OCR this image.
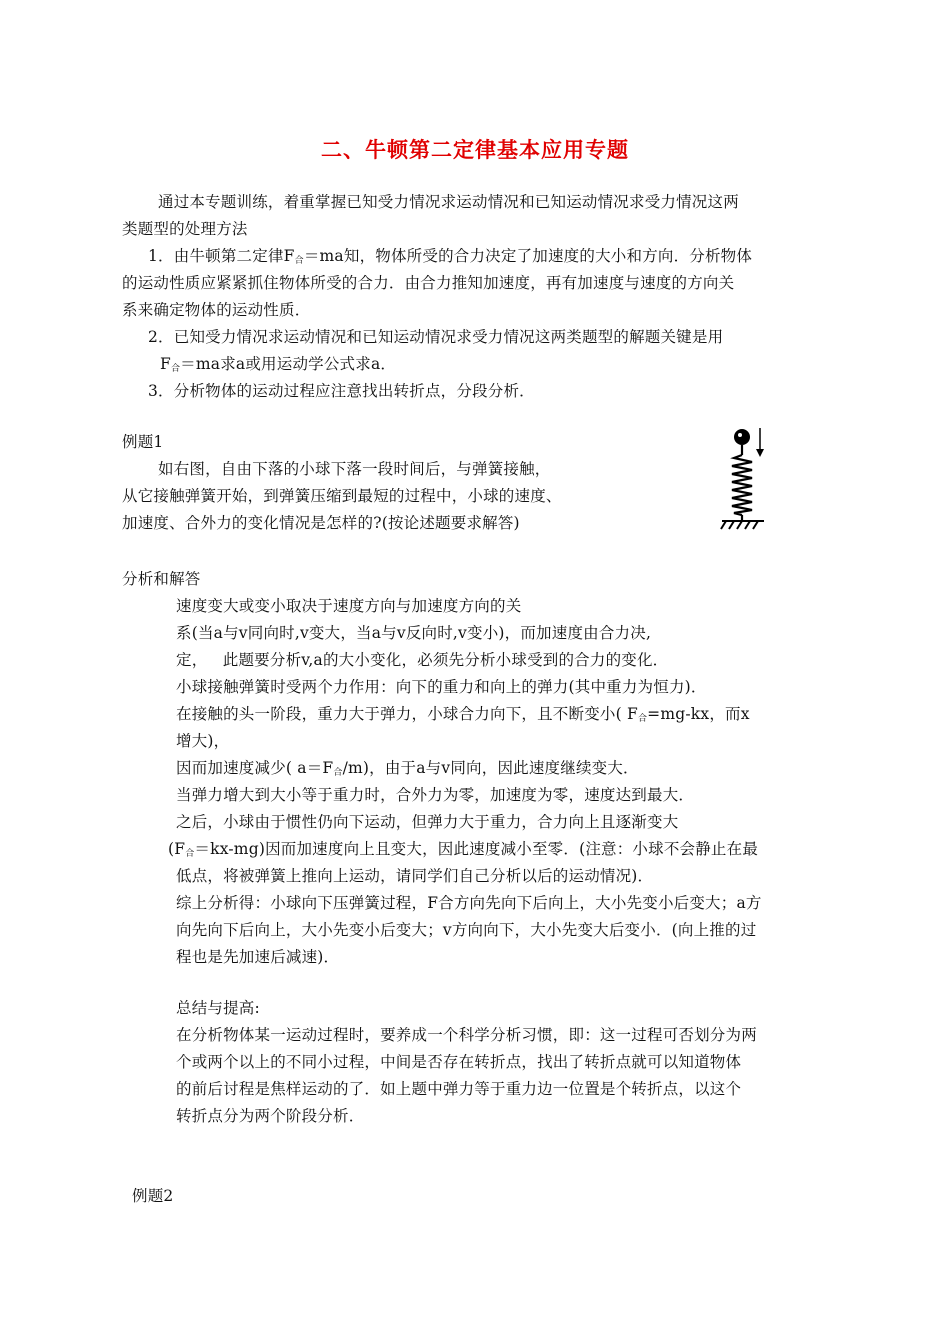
二、牛顿第二定律基本应用专题
通过本专题训练，着重掌握已知受力情况求运动情况和已知运动情况求受力情况这两
类题型的处理方法
1．由牛顿第二定律$F_合=ma$知，物体所受的合力决定了加速度的大小和方向．分析物体
的运动性质应紧紧抓住物体所受的合力．由合力推知加速度，再有加速度与速度的方向关
系来确定物体的运动性质．
2．已知受力情况求运动情况和已知运动情况求受力情况这两类题型的解题关键是用
$F_合=ma$求a或用运动学公式求a．
3．分析物体的运动过程应注意找出转折点，分段分析．
例题1
如右图，自由下落的小球下落一段时间后，与弹簧接触，
从它接触弹簧开始，到弹簧压缩到最短的过程中，小球的速度、
加速度、合外力的变化情况是怎样的?(按论述题要求解答)
分析和解答
速度变大或变小取决于速度方向与加速度方向的关
系(当a与v同向时,v变大，当a与v反向时,v变小)，而加速度由合力决,
定，   此题要分析v,a的大小变化，必须先分析小球受到的合力的变化．
小球接触弹簧时受两个力作用：向下的重力和向上的弹力(其中重力为恒力)．
在接触的头一阶段，重力大于弹力，小球合力向下，且不断变小( $F_合=mg-kx$，而x
增大)，
因而加速度减少( $a=F_合/m$)，由于a与v同向，因此速度继续变大．
当弹力增大到大小等于重力时，合外力为零，加速度为零，速度达到最大．
之后，小球由于惯性仍向下运动，但弹力大于重力，合力向上且逐渐变大
$(F_合=kx-mg)$因而加速度向上且变大，因此速度减小至零．(注意：小球不会静止在最
低点，将被弹簧上推向上运动，请同学们自己分析以后的运动情况)．
综上分析得：小球向下压弹簧过程，F合方向先向下后向上，大小先变小后变大；a方
向先向下后向上，大小先变小后变大；v方向向下，大小先变大后变小．(向上推的过
程也是先加速后减速)．
总结与提高:
在分析物体某一运动过程时，要养成一个科学分析习惯，即：这一过程可否划分为两
个或两个以上的不同小过程，中间是否存在转折点，找出了转折点就可以知道物体
的前后讨程是焦样运动的了．如上题中弹力等于重力边一位置是个转折点，以这个
转折点分为两个阶段分析．
例题2
